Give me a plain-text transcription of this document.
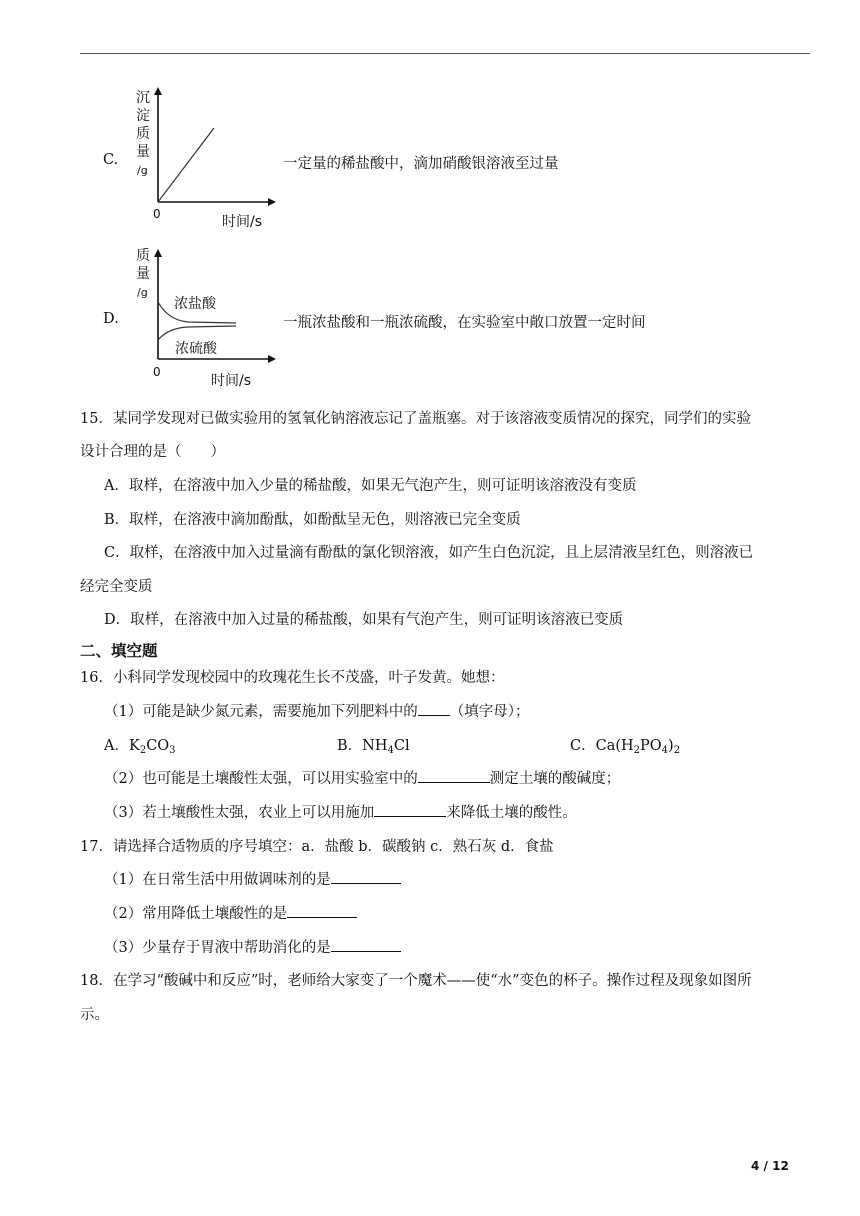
C.
沉
淀
质
量
/g
0	时间/s
一定量的稀盐酸中，滴加硝酸银溶液至过量
D.
质
量
/g
浓盐酸
浓硫酸
0
时间/s
一瓶浓盐酸和一瓶浓硫酸，在实验室中敞口放置一定时间
15．某同学发现对已做实验用的氢氧化钠溶液忘记了盖瓶塞。对于该溶液变质情况的探究，同学们的实验
设计合理的是（　　）
A．取样，在溶液中加入少量的稀盐酸，如果无气泡产生，则可证明该溶液没有变质
B．取样，在溶液中滴加酚酞，如酚酞呈无色，则溶液已完全变质
C．取样，在溶液中加入过量滴有酚酞的氯化钡溶液，如产生白色沉淀，且上层清液呈红色，则溶液已
经完全变质
D．取样，在溶液中加入过量的稀盐酸，如果有气泡产生，则可证明该溶液已变质
二、填空题
16．小科同学发现校园中的玫瑰花生长不茂盛，叶子发黄。她想：
（1）可能是缺少氮元素，需要施加下列肥料中的 （填字母）；
A．$K_2CO_3$	B．$NH_4Cl$	C．$Ca(H_2PO_4)_2$
（2）也可能是土壤酸性太强，可以用实验室中的	测定土壤的酸碱度；
（3）若土壤酸性太强，农业上可以用施加	来降低土壤的酸性。
17．请选择合适物质的序号填空：a．盐酸 b．碳酸钠 c．熟石灰 d．食盐
（1）在日常生活中用做调味剂的是
（2）常用降低土壤酸性的是
（3）少量存于胃液中帮助消化的是
18．在学习“酸碱中和反应”时，老师给大家变了一个魔术——使“水”变色的杯子。操作过程及现象如图所
示。
4 / 12
